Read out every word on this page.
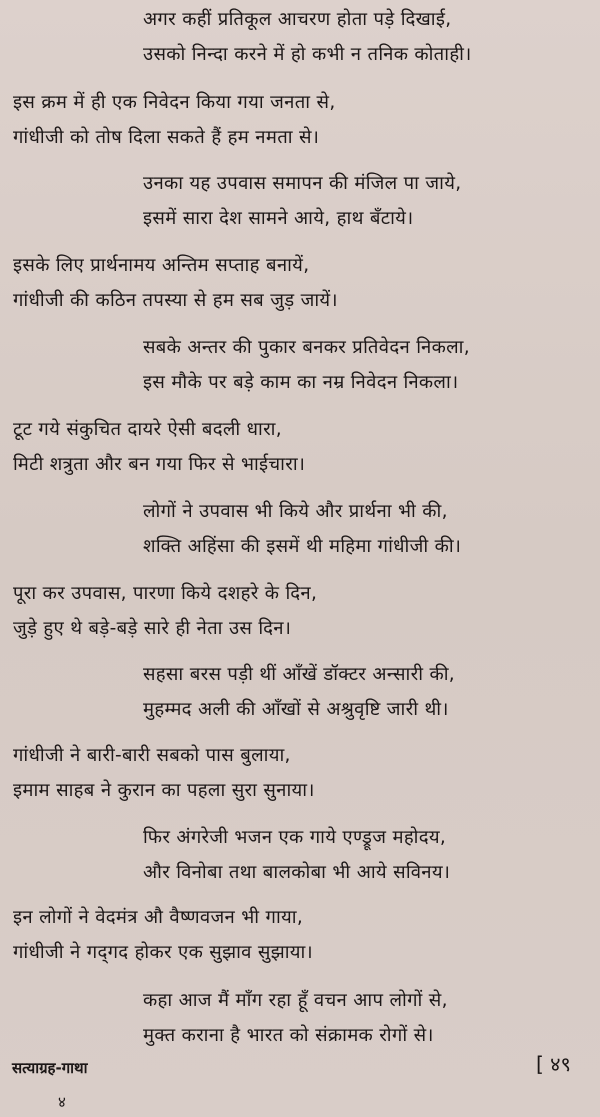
अगर कहीं प्रतिकूल आचरण होता पड़े दिखाई,
उसको निन्दा करने में हो कभी न तनिक कोताही।
इस क्रम में ही एक निवेदन किया गया जनता से,
गांधीजी को तोष दिला सकते हैं हम नमता से।
उनका यह उपवास समापन की मंजिल पा जाये,
इसमें सारा देश सामने आये, हाथ बँटाये।
इसके लिए प्रार्थनामय अन्तिम सप्ताह बनायें,
गांधीजी की कठिन तपस्या से हम सब जुड़ जायें।
सबके अन्तर की पुकार बनकर प्रतिवेदन निकला,
इस मौके पर बड़े काम का नम्र निवेदन निकला।
टूट गये संकुचित दायरे ऐसी बदली धारा,
मिटी शत्रुता और बन गया फिर से भाईचारा।
लोगों ने उपवास भी किये और प्रार्थना भी की,
शक्ति अहिंसा की इसमें थी महिमा गांधीजी की।
पूरा कर उपवास, पारणा किये दशहरे के दिन,
जुड़े हुए थे बड़े-बड़े सारे ही नेता उस दिन।
सहसा बरस पड़ी थीं आँखें डॉक्टर अन्सारी की,
मुहम्मद अली की आँखों से अश्रुवृष्टि जारी थी।
गांधीजी ने बारी-बारी सबको पास बुलाया,
इमाम साहब ने कुरान का पहला सुरा सुनाया।
फिर अंगरेजी भजन एक गाये एण्ड्रूज महोदय,
और विनोबा तथा बालकोबा भी आये सविनय।
इन लोगों ने वेदमंत्र औ वैष्णवजन भी गाया,
गांधीजी ने गद्‌गद होकर एक सुझाव सुझाया।
कहा आज मैं माँग रहा हूँ वचन आप लोगों से,
मुक्त कराना है भारत को संक्रामक रोगों से।
सत्याग्रह-गाथा	[ ४९
४
